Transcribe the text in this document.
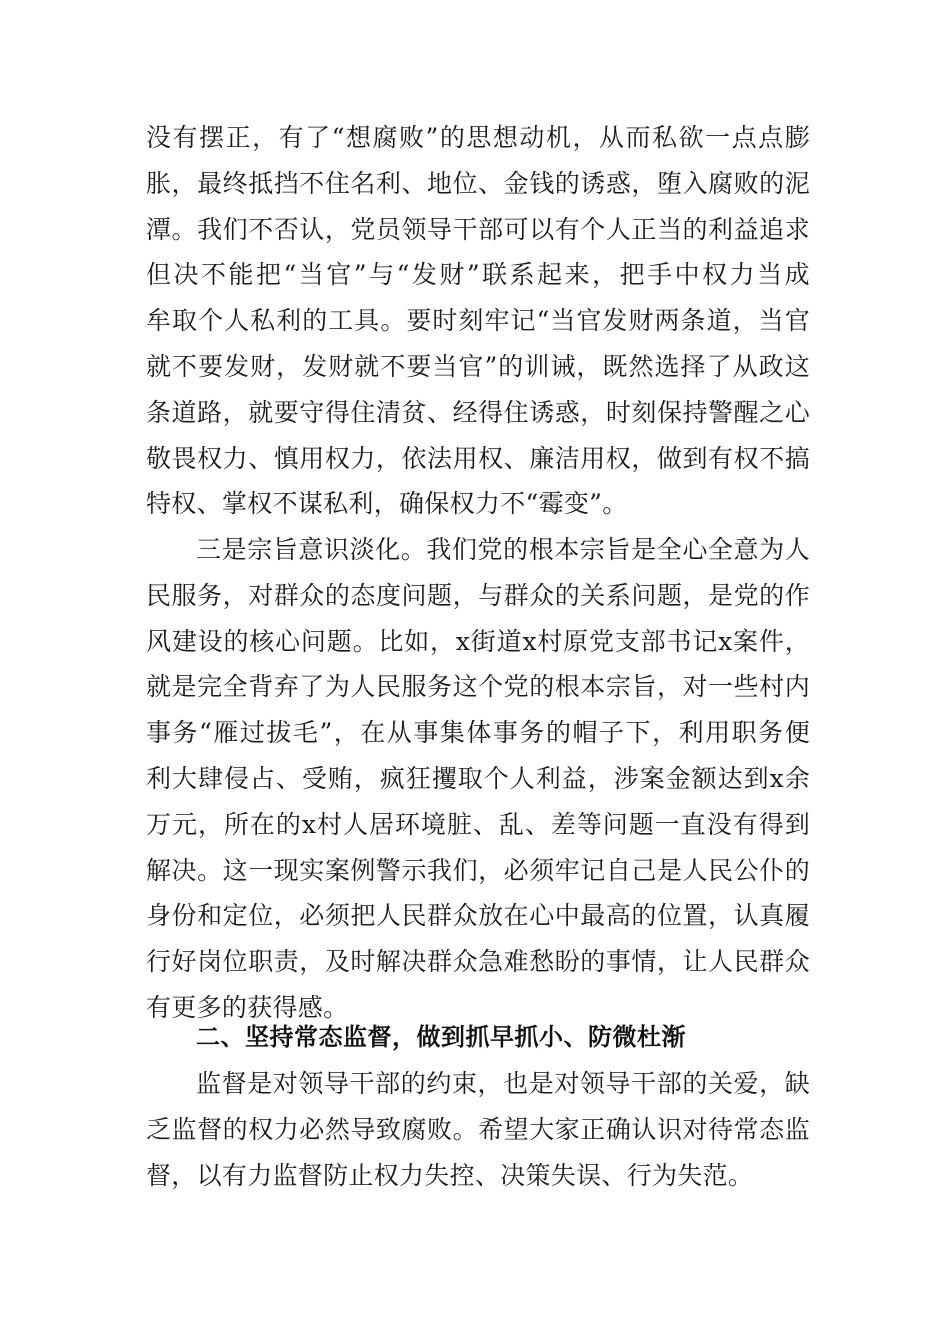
没有摆正，有了“想腐败”的思想动机，从而私欲一点点膨
胀，最终抵挡不住名利、地位、金钱的诱惑，堕入腐败的泥
潭。我们不否认，党员领导干部可以有个人正当的利益追求
但决不能把“当官”与“发财”联系起来，把手中权力当成
牟取个人私利的工具。要时刻牢记“当官发财两条道，当官
就不要发财，发财就不要当官”的训诫，既然选择了从政这
条道路，就要守得住清贫、经得住诱惑，时刻保持警醒之心
敬畏权力、慎用权力，依法用权、廉洁用权，做到有权不搞
特权、掌权不谋私利，确保权力不“霉变”。
三是宗旨意识淡化。我们党的根本宗旨是全心全意为人
民服务，对群众的态度问题，与群众的关系问题，是党的作
风建设的核心问题。比如，x街道x村原党支部书记x案件，
就是完全背弃了为人民服务这个党的根本宗旨，对一些村内
事务“雁过拔毛”，在从事集体事务的帽子下，利用职务便
利大肆侵占、受贿，疯狂攫取个人利益，涉案金额达到x余
万元，所在的x村人居环境脏、乱、差等问题一直没有得到
解决。这一现实案例警示我们，必须牢记自己是人民公仆的
身份和定位，必须把人民群众放在心中最高的位置，认真履
行好岗位职责，及时解决群众急难愁盼的事情，让人民群众
有更多的获得感。
二、坚持常态监督，做到抓早抓小、防微杜渐
监督是对领导干部的约束，也是对领导干部的关爱，缺
乏监督的权力必然导致腐败。希望大家正确认识对待常态监
督，以有力监督防止权力失控、决策失误、行为失范。
